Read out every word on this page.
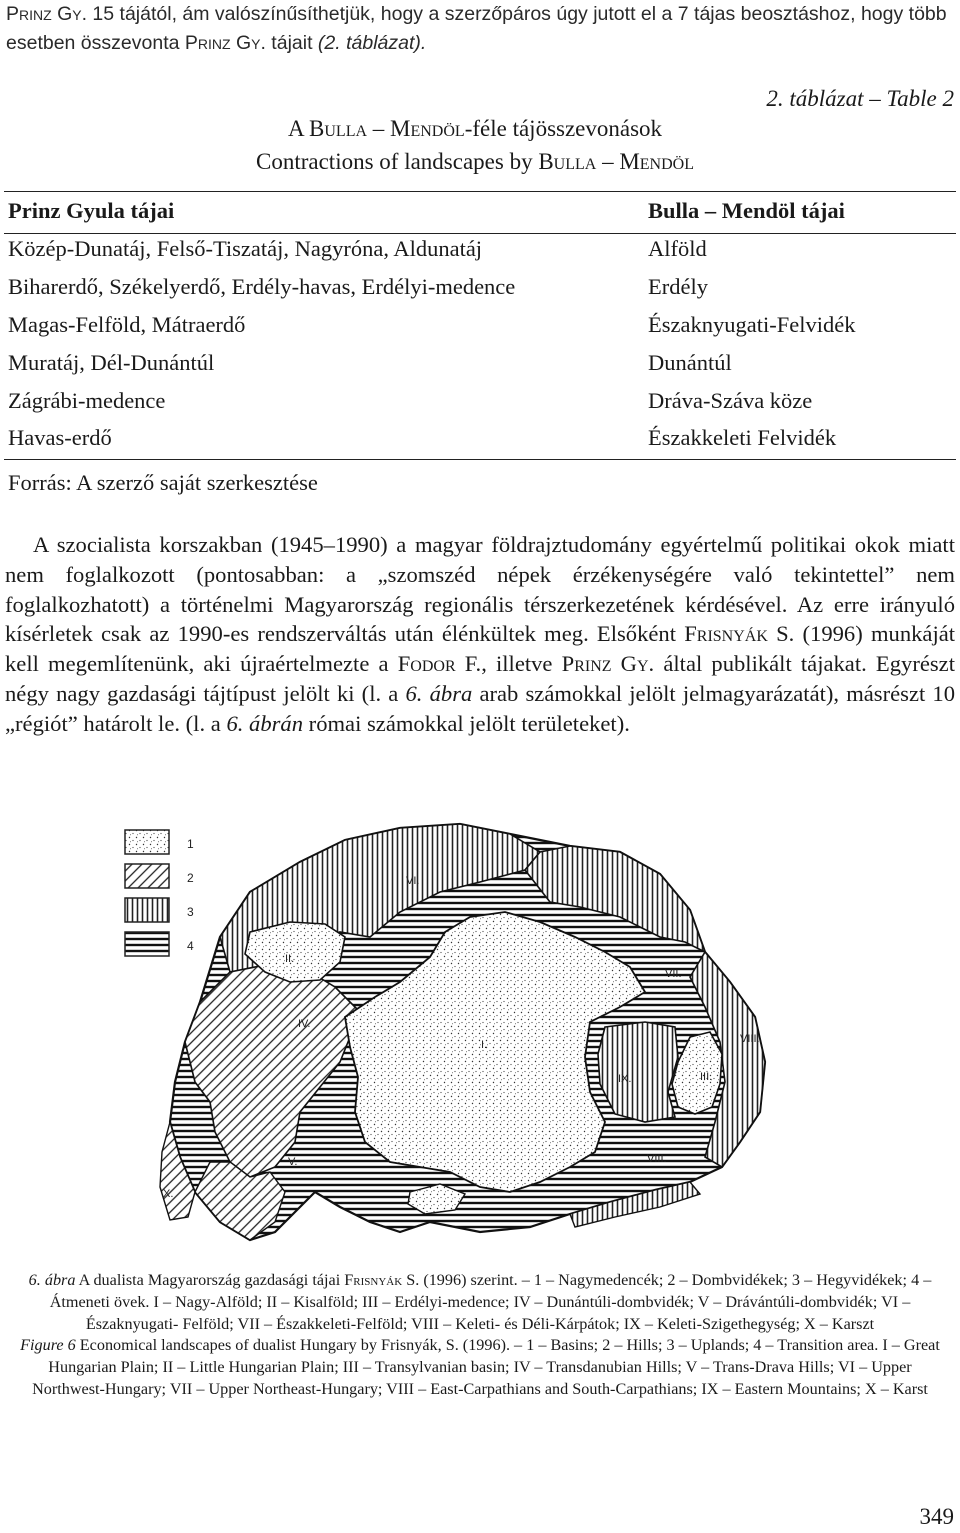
Prinz Gy. 15 tájától, ám valószínűsíthetjük, hogy a szerzőpáros úgy jutott el a 7 tájas beosztáshoz, hogy több esetben összevonta Prinz Gy. tájait (2. táblázat).

2. táblázat – Table 2
A Bulla – Mendöl-féle tájösszevonások
Contractions of landscapes by Bulla – Mendöl
Prinz Gyula tájai
Közép-Dunatáj, Felső-Tiszatáj, Nagyróna, Aldunatáj
Biharerdő, Székelyerdő, Erdély-havas, Erdélyi-medence
Magas-Felföld, Mátraerdő
Muratáj, Dél-Dunántúl
Zágrábi-medence
Havas-erdő
Bulla – Mendöl tájai
Alföld
Erdély
Északnyugati-Felvidék
Dunántúl
Dráva-Száva köze
Északkeleti Felvidék
Forrás: A szerző saját szerkesztése

A szocialista korszakban (1945–1990) a magyar földrajztudomány egyértelmű politikai okok miatt nem foglalkozott (pontosabban: a „szomszéd népek érzékenységére való tekintettel” nem foglalkozhatott) a történelmi Magyarország regionális térszerkezetének kérdésével. Az erre irányuló kísérletek csak az 1990-es rendszerváltás után élénkültek meg. Elsőként Frisnyák S. (1996) munkáját kell megemlítenünk, aki újraértelmezte a Fodor F., illetve Prinz Gy. által publikált tájakat. Egyrészt négy nagy gazdasági tájtípust jelölt ki (l. a 6. ábra arab számokkal jelölt jelmagyarázatát), másrészt 10 „régiót” határolt le. (l. a 6. ábrán római számokkal jelölt területeket).

1
2
3
4
I.
II.
III.
IV.
V.
VI.
VII.
VIII.
VIII.
IX.
X.

6. ábra A dualista Magyarország gazdasági tájai Frisnyák S. (1996) szerint. – 1 – Nagymedencék; 2 – Dombvidékek; 3 – Hegyvidékek; 4 – Átmeneti övek. I – Nagy-Alföld; II – Kisalföld; III – Erdélyi-medence; IV – Dunántúli-dombvidék; V – Drávántúli-dombvidék; VI – Északnyugati- Felföld; VII – Északkeleti-Felföld; VIII – Keleti- és Déli-Kárpátok; IX – Keleti-Szigethegység; X – Karszt

Figure 6 Economical landscapes of dualist Hungary by Frisnyák, S. (1996). – 1 – Basins; 2 – Hills; 3 – Uplands; 4 – Transition area. I – Great Hungarian Plain; II – Little Hungarian Plain; III – Transylvanian basin; IV – Transdanubian Hills; V – Trans-Drava Hills; VI – Upper Northwest-Hungary; VII – Upper Northeast-Hungary; VIII – East-Carpathians and South-Carpathians; IX – Eastern Mountains; X – Karst

349
